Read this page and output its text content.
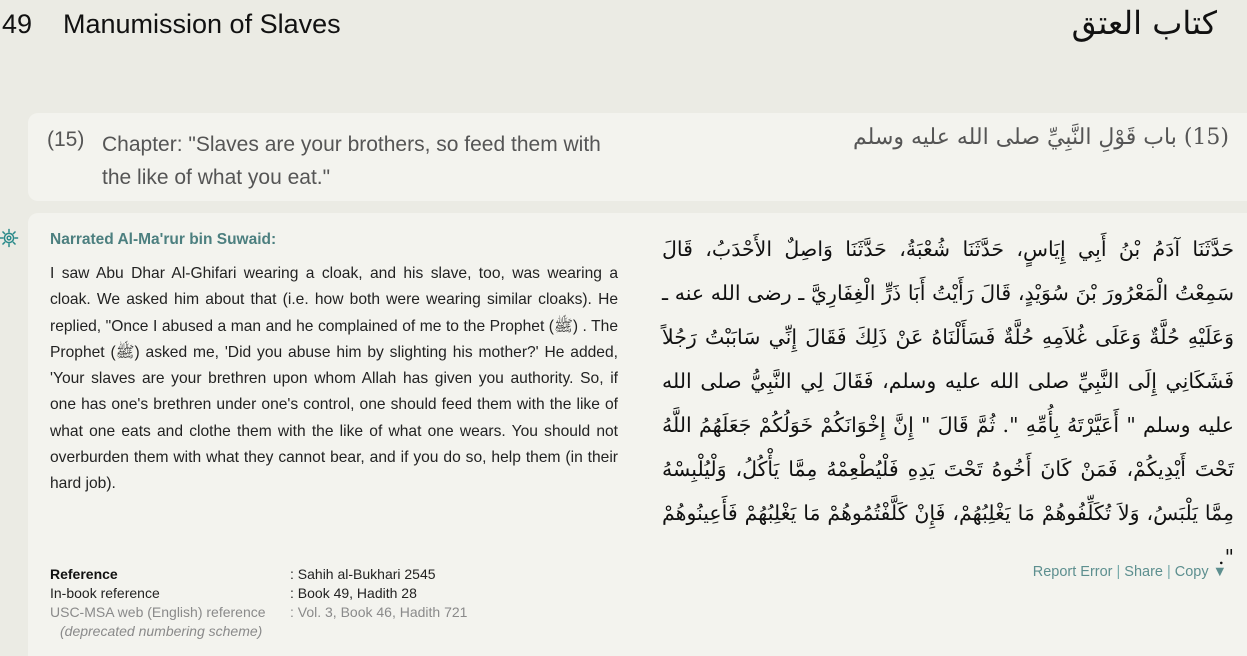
49 Manumission of Slaves	كتاب العتق
(15) Chapter: "Slaves are your brothers, so feed them with the like of what you eat."
(15) باب قَوْلِ النَّبِيِّ صلى الله عليه وسلم
Narrated Al-Ma'rur bin Suwaid:
I saw Abu Dhar Al-Ghifari wearing a cloak, and his slave, too, was wearing a cloak. We asked him about that (i.e. how both were wearing similar cloaks). He replied, "Once I abused a man and he complained of me to the Prophet (ﷺ) . The Prophet (ﷺ) asked me, 'Did you abuse him by slighting his mother?' He added, 'Your slaves are your brethren upon whom Allah has given you authority. So, if one has one's brethren under one's control, one should feed them with the like of what one eats and clothe them with the like of what one wears. You should not overburden them with what they cannot bear, and if you do so, help them (in their hard job).
حَدَّثَنَا آدَمُ بْنُ أَبِي إِيَاسٍ، حَدَّثَنَا شُعْبَةُ، حَدَّثَنَا وَاصِلٌ الأَحْدَبُ، قَالَ سَمِعْتُ الْمَعْرُورَ بْنَ سُوَيْدٍ، قَالَ رَأَيْتُ أَبَا ذَرٍّ الْغِفَارِيَّ ـ رضى الله عنه ـ وَعَلَيْهِ حُلَّةٌ وَعَلَى غُلاَمِهِ حُلَّةٌ فَسَأَلْنَاهُ عَنْ ذَلِكَ فَقَالَ إِنِّي سَابَبْتُ رَجُلاً فَشَكَانِي إِلَى النَّبِيِّ صلى الله عليه وسلم، فَقَالَ لِي النَّبِيُّ صلى الله عليه وسلم " أَعَيَّرْتَهُ بِأُمِّهِ ". ثُمَّ قَالَ " إِنَّ إِخْوَانَكُمْ خَوَلُكُمْ جَعَلَهُمُ اللَّهُ تَحْتَ أَيْدِيكُمْ، فَمَنْ كَانَ أَخُوهُ تَحْتَ يَدِهِ فَلْيُطْعِمْهُ مِمَّا يَأْكُلُ، وَلْيُلْبِسْهُ مِمَّا يَلْبَسُ، وَلاَ تُكَلِّفُوهُمْ مَا يَغْلِبُهُمْ، فَإِنْ كَلَّفْتُمُوهُمْ مَا يَغْلِبُهُمْ فَأَعِينُوهُمْ ".
Reference	: Sahih al-Bukhari 2545
In-book reference	: Book 49, Hadith 28
USC-MSA web (English) reference	: Vol. 3, Book 46, Hadith 721
(deprecated numbering scheme)
Report Error | Share | Copy ▼
